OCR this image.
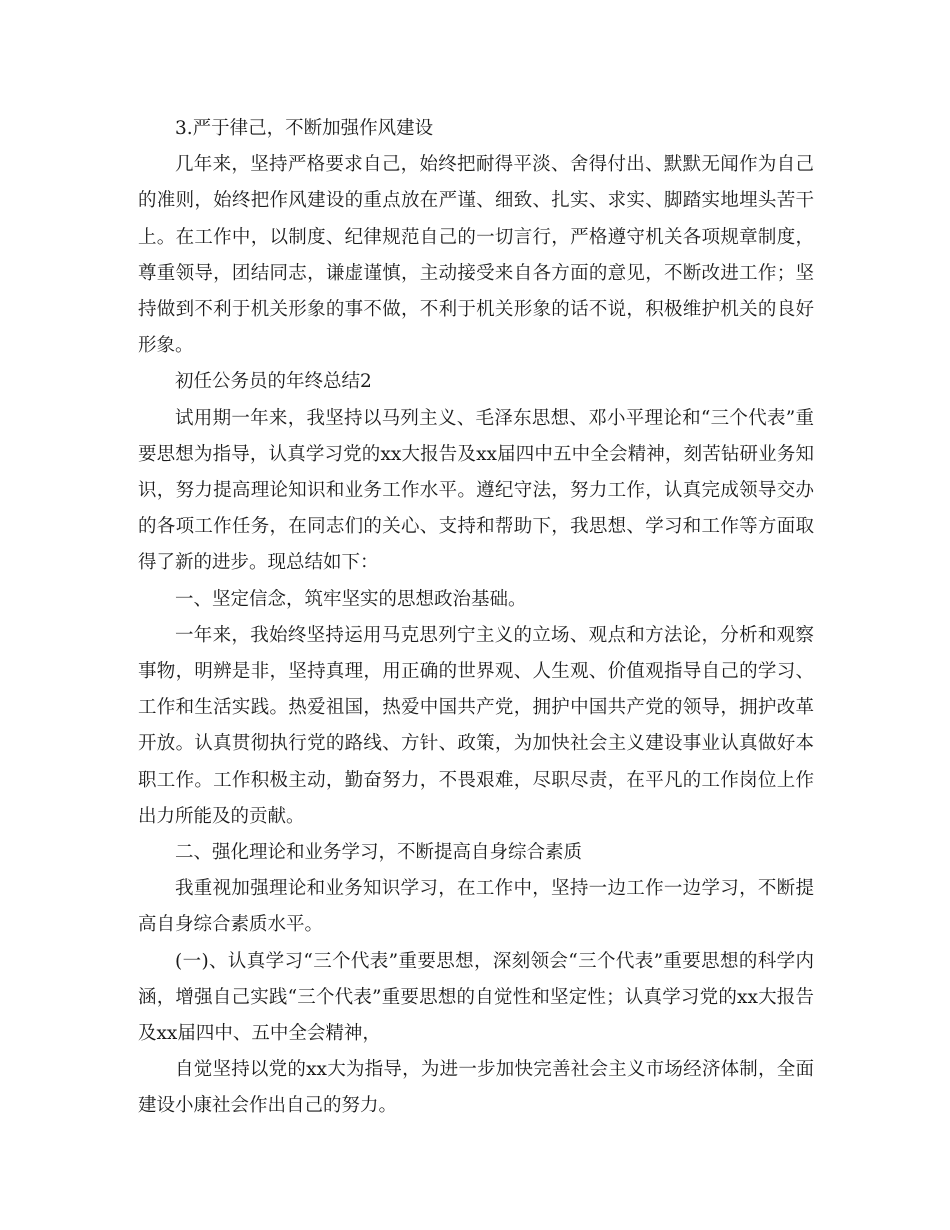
3.严于律己，不断加强作风建设

几年来，坚持严格要求自己，始终把耐得平淡、舍得付出、默默无闻作为自己的准则，始终把作风建设的重点放在严谨、细致、扎实、求实、脚踏实地埋头苦干上。在工作中，以制度、纪律规范自己的一切言行，严格遵守机关各项规章制度，尊重领导，团结同志，谦虚谨慎，主动接受来自各方面的意见，不断改进工作；坚持做到不利于机关形象的事不做，不利于机关形象的话不说，积极维护机关的良好形象。

初任公务员的年终总结2

试用期一年来，我坚持以马列主义、毛泽东思想、邓小平理论和“三个代表”重要思想为指导，认真学习党的xx大报告及xx届四中五中全会精神，刻苦钻研业务知识，努力提高理论知识和业务工作水平。遵纪守法，努力工作，认真完成领导交办的各项工作任务，在同志们的关心、支持和帮助下，我思想、学习和工作等方面取得了新的进步。现总结如下：

一、坚定信念，筑牢坚实的思想政治基础。

一年来，我始终坚持运用马克思列宁主义的立场、观点和方法论，分析和观察事物，明辨是非，坚持真理，用正确的世界观、人生观、价值观指导自己的学习、工作和生活实践。热爱祖国，热爱中国共产党，拥护中国共产党的领导，拥护改革开放。认真贯彻执行党的路线、方针、政策，为加快社会主义建设事业认真做好本职工作。工作积极主动，勤奋努力，不畏艰难，尽职尽责，在平凡的工作岗位上作出力所能及的贡献。

二、强化理论和业务学习，不断提高自身综合素质

我重视加强理论和业务知识学习，在工作中，坚持一边工作一边学习，不断提高自身综合素质水平。

(一)、认真学习“三个代表”重要思想，深刻领会“三个代表”重要思想的科学内涵，增强自己实践“三个代表”重要思想的自觉性和坚定性；认真学习党的xx大报告及xx届四中、五中全会精神，

自觉坚持以党的xx大为指导，为进一步加快完善社会主义市场经济体制，全面建设小康社会作出自己的努力。
